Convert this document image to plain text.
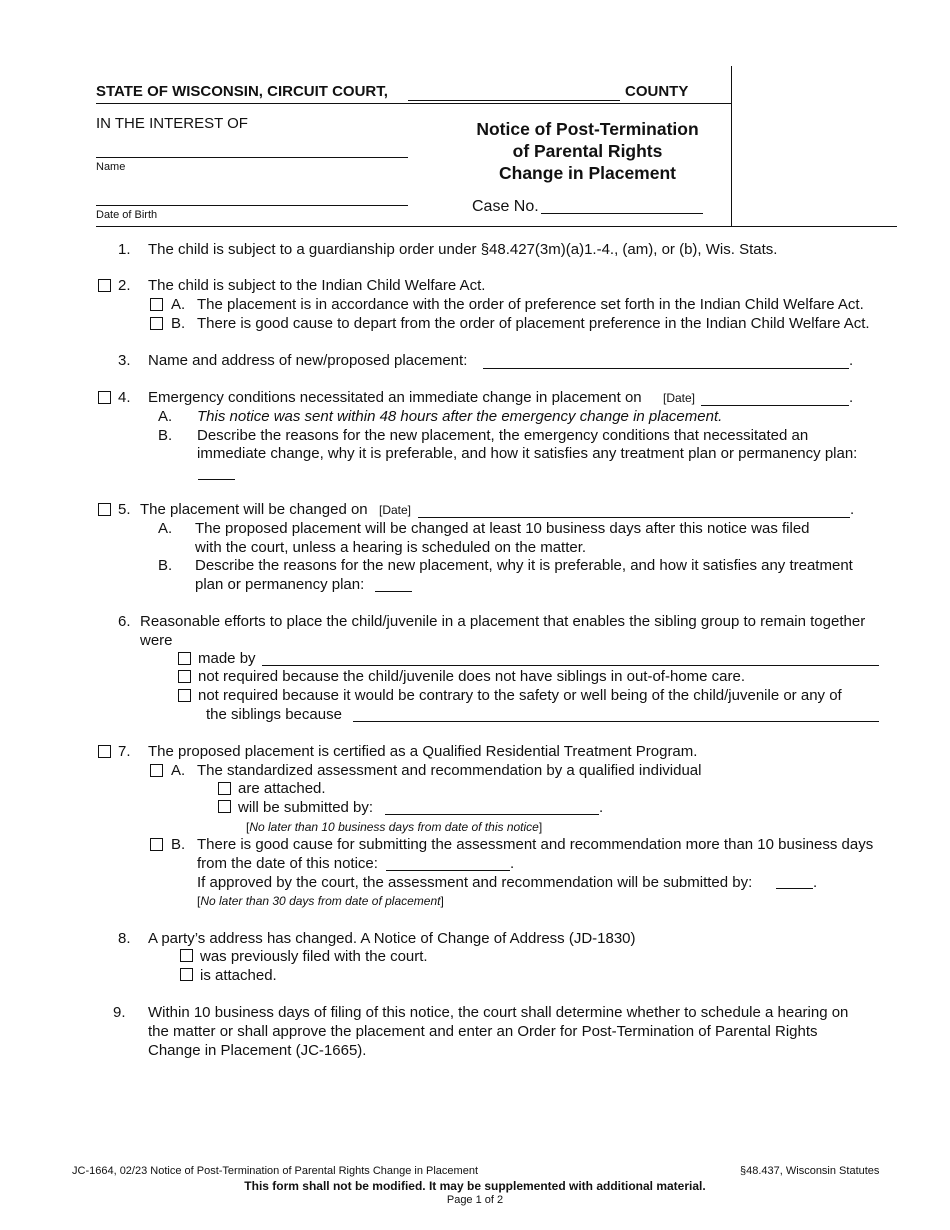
STATE OF WISCONSIN, CIRCUIT COURT,	COUNTY
IN THE INTEREST OF
Name
Date of Birth
Notice of Post-Termination
of Parental Rights
Change in Placement
Case No.
1. The child is subject to a guardianship order under §48.427(3m)(a)1.-4., (am), or (b), Wis. Stats.
2. The child is subject to the Indian Child Welfare Act.
A. The placement is in accordance with the order of preference set forth in the Indian Child Welfare Act.
B. There is good cause to depart from the order of placement preference in the Indian Child Welfare Act.
3. Name and address of new/proposed placement:	.
4. Emergency conditions necessitated an immediate change in placement on [Date]	.
A. This notice was sent within 48 hours after the emergency change in placement.
B. Describe the reasons for the new placement, the emergency conditions that necessitated an
immediate change, why it is preferable, and how it satisfies any treatment plan or permanency plan:
5. The placement will be changed on [Date]	.
A. The proposed placement will be changed at least 10 business days after this notice was filed
with the court, unless a hearing is scheduled on the matter.
B. Describe the reasons for the new placement, why it is preferable, and how it satisfies any treatment
plan or permanency plan:
6. Reasonable efforts to place the child/juvenile in a placement that enables the sibling group to remain together
were
made by
not required because the child/juvenile does not have siblings in out-of-home care.
not required because it would be contrary to the safety or well being of the child/juvenile or any of
the siblings because
7. The proposed placement is certified as a Qualified Residential Treatment Program.
A. The standardized assessment and recommendation by a qualified individual
are attached.
will be submitted by:	.
[No later than 10 business days from date of this notice]
B. There is good cause for submitting the assessment and recommendation more than 10 business days
from the date of this notice:	.
If approved by the court, the assessment and recommendation will be submitted by:	.
[No later than 30 days from date of placement]
8. A party’s address has changed. A Notice of Change of Address (JD-1830)
was previously filed with the court.
is attached.
9. Within 10 business days of filing of this notice, the court shall determine whether to schedule a hearing on
the matter or shall approve the placement and enter an Order for Post-Termination of Parental Rights
Change in Placement (JC-1665).
JC-1664, 02/23 Notice of Post-Termination of Parental Rights Change in Placement	§48.437, Wisconsin Statutes
This form shall not be modified. It may be supplemented with additional material.
Page 1 of 2
